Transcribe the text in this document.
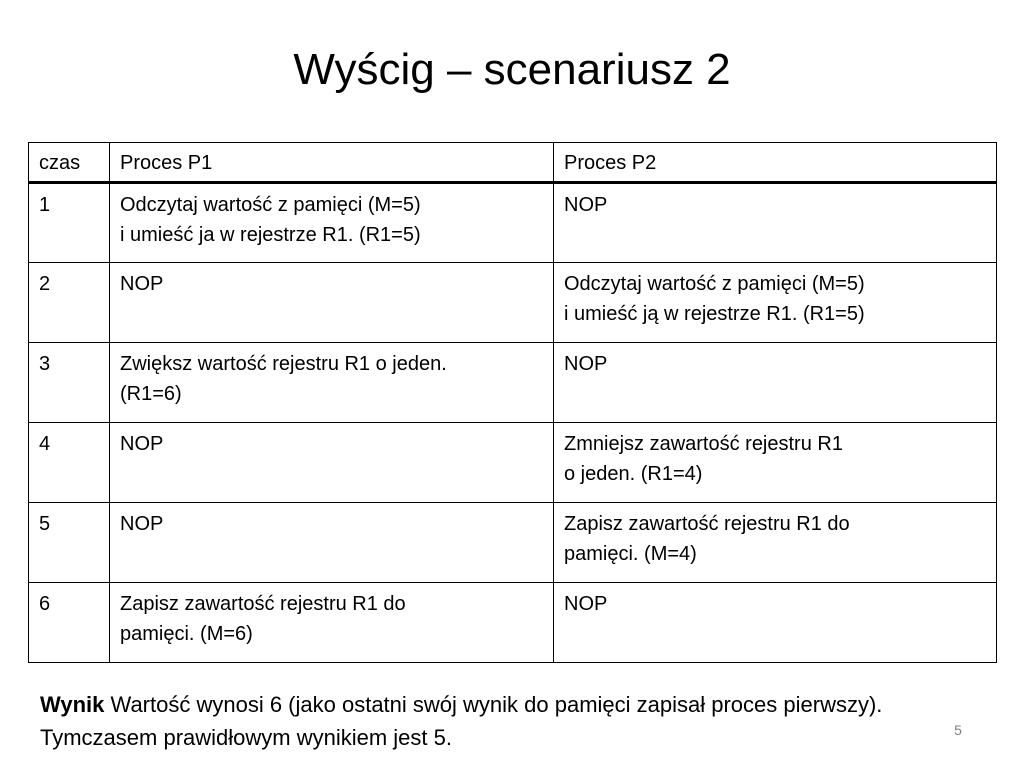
Wyścig – scenariusz 2
czas	Proces P1	Proces P2

1	Odczytaj wartość z pamięci (M=5)
i umieść ja w rejestrze R1. (R1=5)	NOP

2	NOP	Odczytaj wartość z pamięci (M=5)
i umieść ją w rejestrze R1. (R1=5)

3	Zwiększ wartość rejestru R1 o jeden.
(R1=6)	NOP

4	NOP	Zmniejsz zawartość rejestru R1
o jeden. (R1=4)

5	NOP	Zapisz zawartość rejestru R1 do
pamięci. (M=4)

6	Zapisz zawartość rejestru R1 do
pamięci. (M=6)	NOP

Wynik Wartość wynosi 6 (jako ostatni swój wynik do pamięci zapisał proces pierwszy). Tymczasem prawidłowym wynikiem jest 5.	5
